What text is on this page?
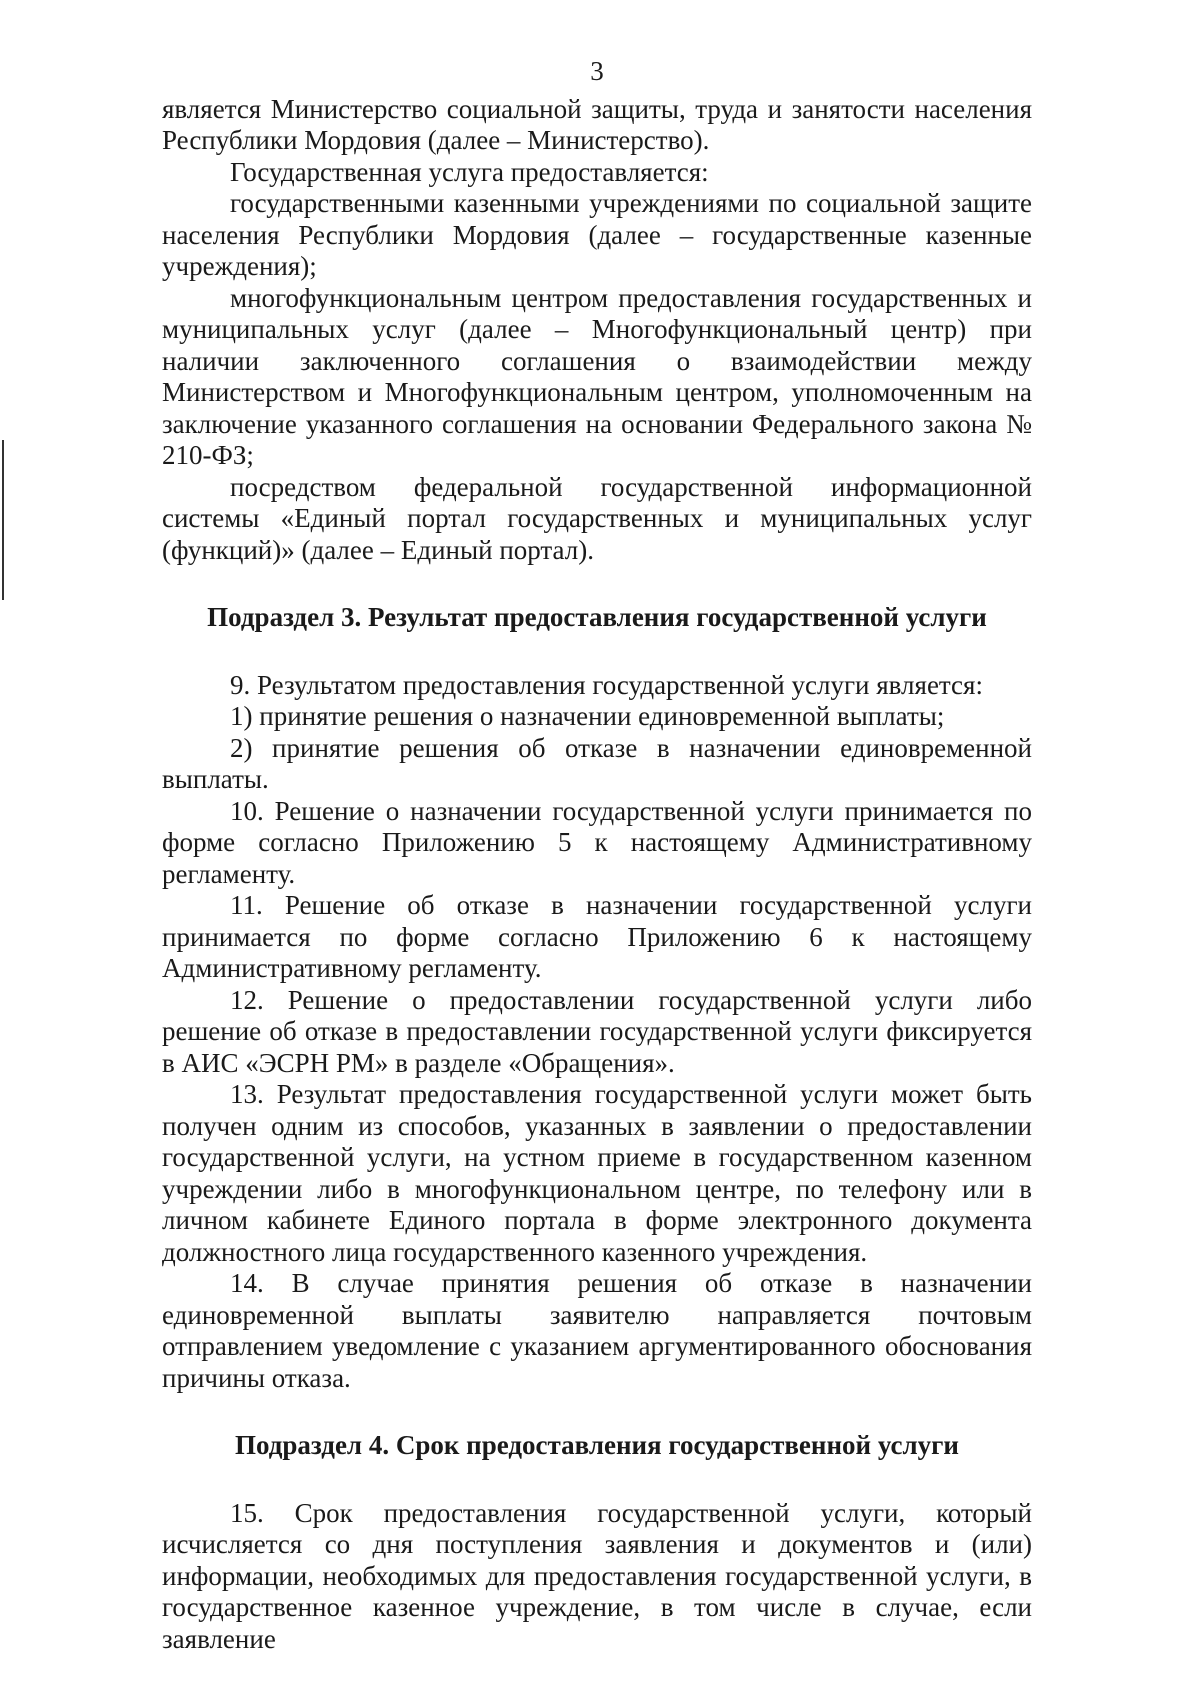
3

является Министерство социальной защиты, труда и занятости населения Республики Мордовия (далее – Министерство).

Государственная услуга предоставляется:

государственными казенными учреждениями по социальной защите населения Республики Мордовия (далее – государственные казенные учреждения);

многофункциональным центром предоставления государственных и муниципальных услуг (далее – Многофункциональный центр) при наличии заключенного соглашения о взаимодействии между Министерством и Многофункциональным центром, уполномоченным на заключение указанного соглашения на основании Федерального закона № 210-ФЗ;

посредством федеральной государственной информационной системы «Единый портал государственных и муниципальных услуг (функций)» (далее – Единый портал).

Подраздел 3. Результат предоставления государственной услуги

9. Результатом предоставления государственной услуги является:

1) принятие решения о назначении единовременной выплаты;

2) принятие решения об отказе в назначении единовременной выплаты.

10. Решение о назначении государственной услуги принимается по форме согласно Приложению 5 к настоящему Административному регламенту.

11. Решение об отказе в назначении государственной услуги принимается по форме согласно Приложению 6 к настоящему Административному регламенту.

12. Решение о предоставлении государственной услуги либо решение об отказе в предоставлении государственной услуги фиксируется в АИС «ЭСРН РМ» в разделе «Обращения».

13. Результат предоставления государственной услуги может быть получен одним из способов, указанных в заявлении о предоставлении государственной услуги, на устном приеме в государственном казенном учреждении либо в многофункциональном центре, по телефону или в личном кабинете Единого портала в форме электронного документа должностного лица государственного казенного учреждения.

14. В случае принятия решения об отказе в назначении единовременной выплаты заявителю направляется почтовым отправлением уведомление с указанием аргументированного обоснования причины отказа.

Подраздел 4. Срок предоставления государственной услуги

15. Срок предоставления государственной услуги, который исчисляется со дня поступления заявления и документов и (или) информации, необходимых для предоставления государственной услуги, в государственное казенное учреждение, в том числе в случае, если заявление
